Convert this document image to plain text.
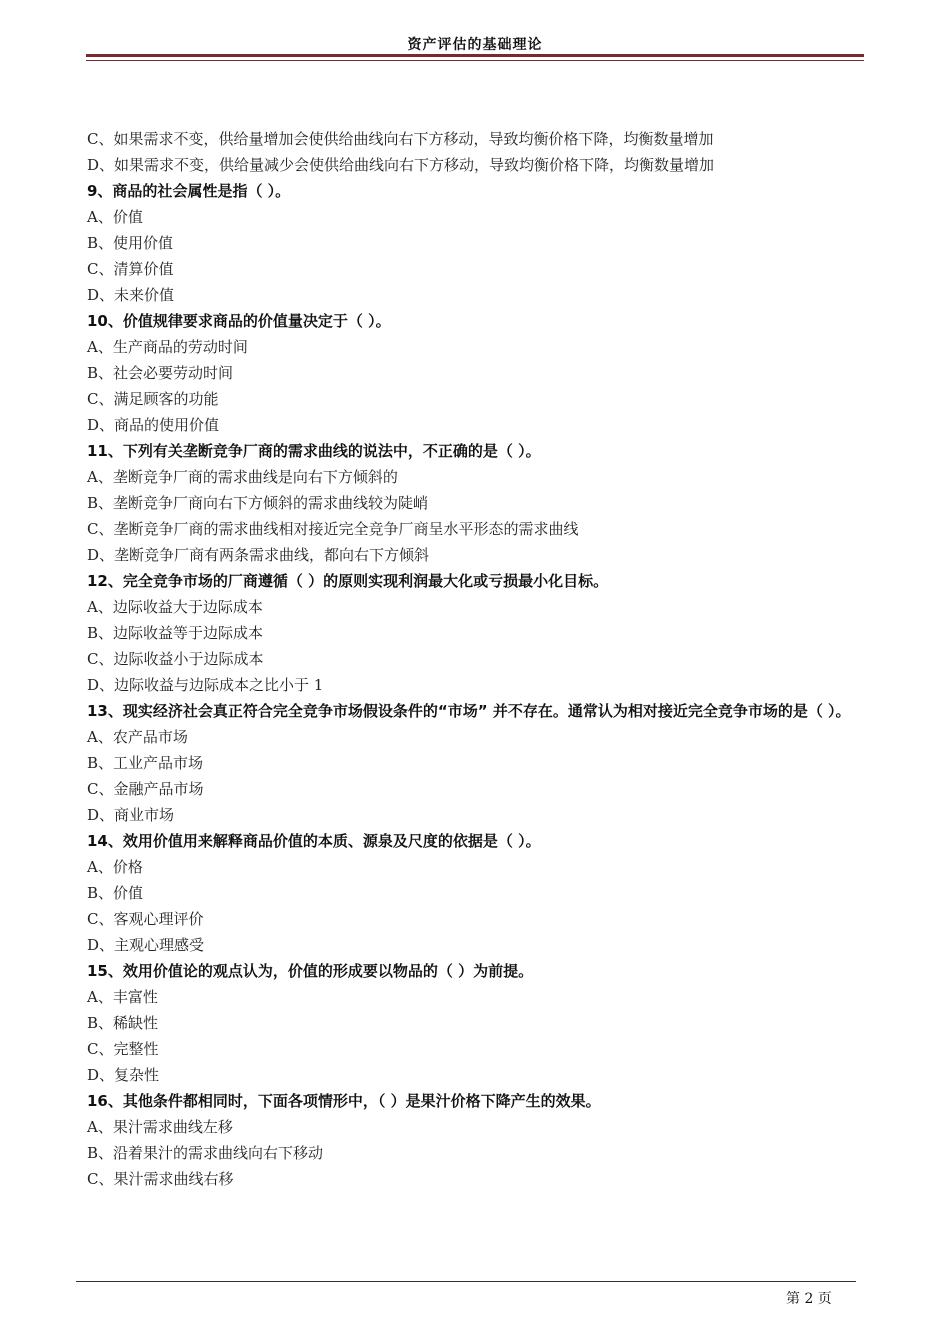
资产评估的基础理论
C、如果需求不变，供给量增加会使供给曲线向右下方移动，导致均衡价格下降，均衡数量增加
D、如果需求不变，供给量减少会使供给曲线向右下方移动，导致均衡价格下降，均衡数量增加
9、商品的社会属性是指（ ）。
A、价值
B、使用价值
C、清算价值
D、未来价值
10、价值规律要求商品的价值量决定于（ ）。
A、生产商品的劳动时间
B、社会必要劳动时间
C、满足顾客的功能
D、商品的使用价值
11、下列有关垄断竞争厂商的需求曲线的说法中，不正确的是（ ）。
A、垄断竞争厂商的需求曲线是向右下方倾斜的
B、垄断竞争厂商向右下方倾斜的需求曲线较为陡峭
C、垄断竞争厂商的需求曲线相对接近完全竞争厂商呈水平形态的需求曲线
D、垄断竞争厂商有两条需求曲线，都向右下方倾斜
12、完全竞争市场的厂商遵循（ ）的原则实现利润最大化或亏损最小化目标。
A、边际收益大于边际成本
B、边际收益等于边际成本
C、边际收益小于边际成本
D、边际收益与边际成本之比小于 1
13、现实经济社会真正符合完全竞争市场假设条件的“市场” 并不存在。通常认为相对接近完全竞争市场的是（ ）。
A、农产品市场
B、工业产品市场
C、金融产品市场
D、商业市场
14、效用价值用来解释商品价值的本质、源泉及尺度的依据是（ ）。
A、价格
B、价值
C、客观心理评价
D、主观心理感受
15、效用价值论的观点认为，价值的形成要以物品的（ ）为前提。
A、丰富性
B、稀缺性
C、完整性
D、复杂性
16、其他条件都相同时，下面各项情形中，（ ）是果汁价格下降产生的效果。
A、果汁需求曲线左移
B、沿着果汁的需求曲线向右下移动
C、果汁需求曲线右移
第 2 页
